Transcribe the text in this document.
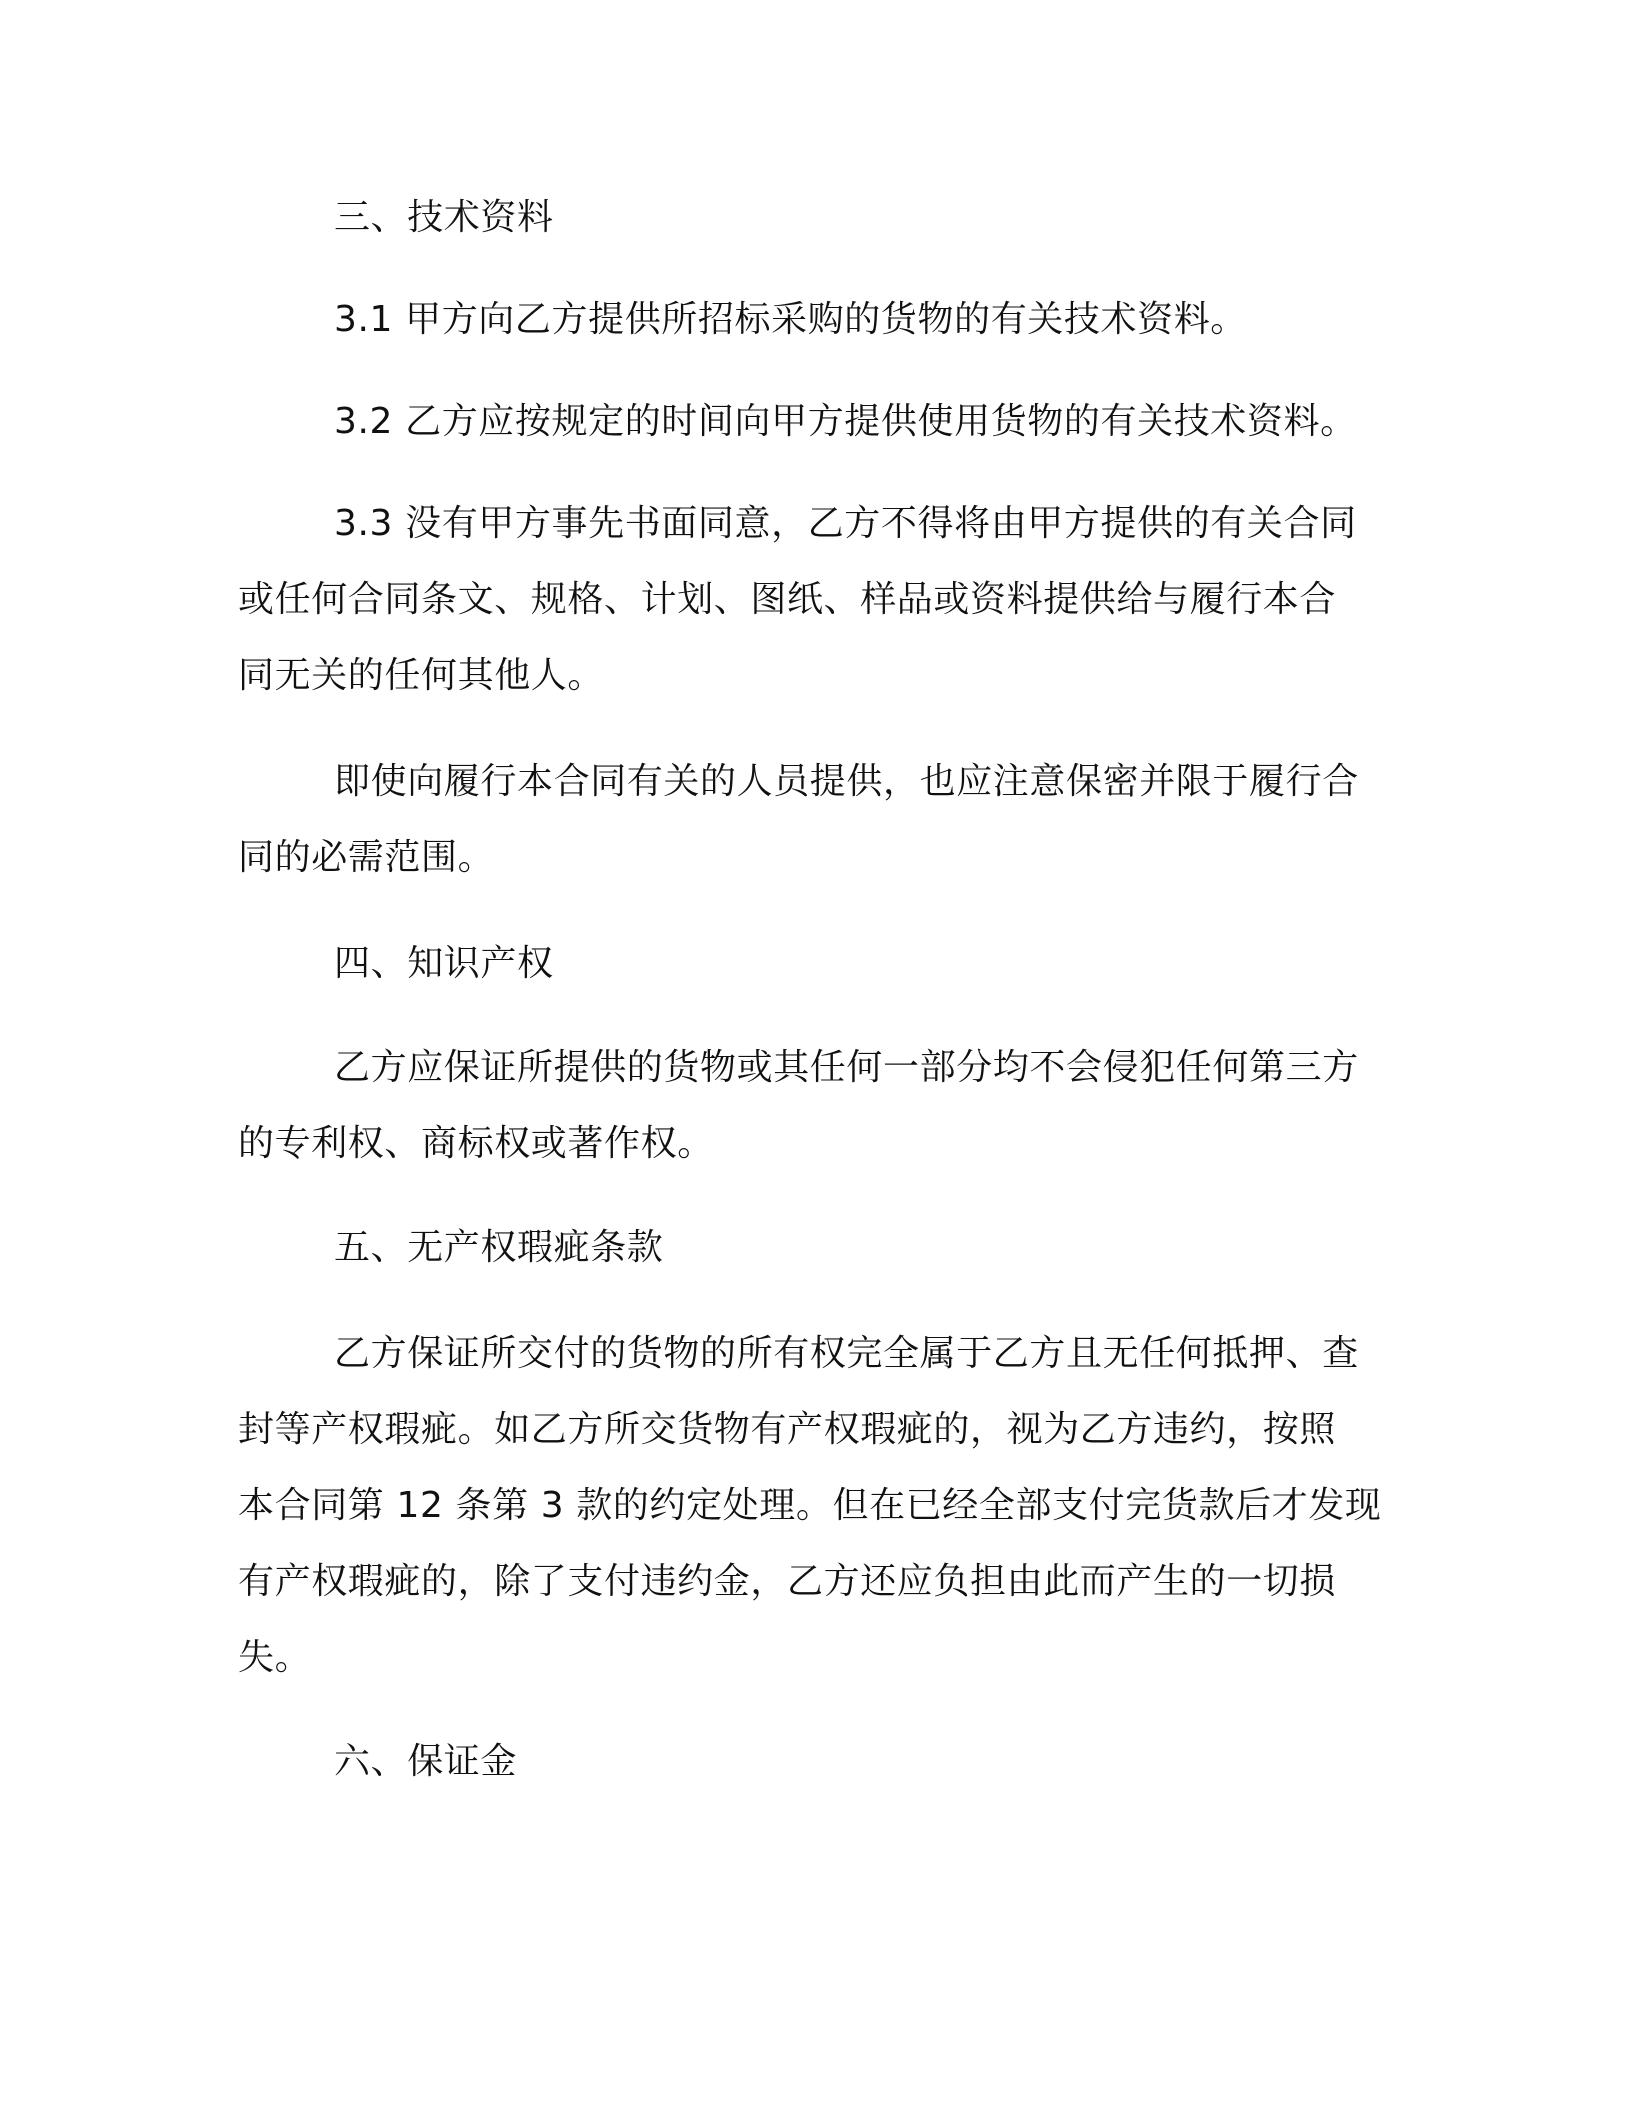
三、技术资料
3.1 甲方向乙方提供所招标采购的货物的有关技术资料。
3.2 乙方应按规定的时间向甲方提供使用货物的有关技术资料。
3.3 没有甲方事先书面同意，乙方不得将由甲方提供的有关合同
或任何合同条文、规格、计划、图纸、样品或资料提供给与履行本合
同无关的任何其他人。
即使向履行本合同有关的人员提供，也应注意保密并限于履行合
同的必需范围。
四、知识产权
乙方应保证所提供的货物或其任何一部分均不会侵犯任何第三方
的专利权、商标权或著作权。
五、无产权瑕疵条款
乙方保证所交付的货物的所有权完全属于乙方且无任何抵押、查
封等产权瑕疵。如乙方所交货物有产权瑕疵的，视为乙方违约，按照
本合同第 12 条第 3 款的约定处理。但在已经全部支付完货款后才发现
有产权瑕疵的，除了支付违约金，乙方还应负担由此而产生的一切损
失。
六、保证金
